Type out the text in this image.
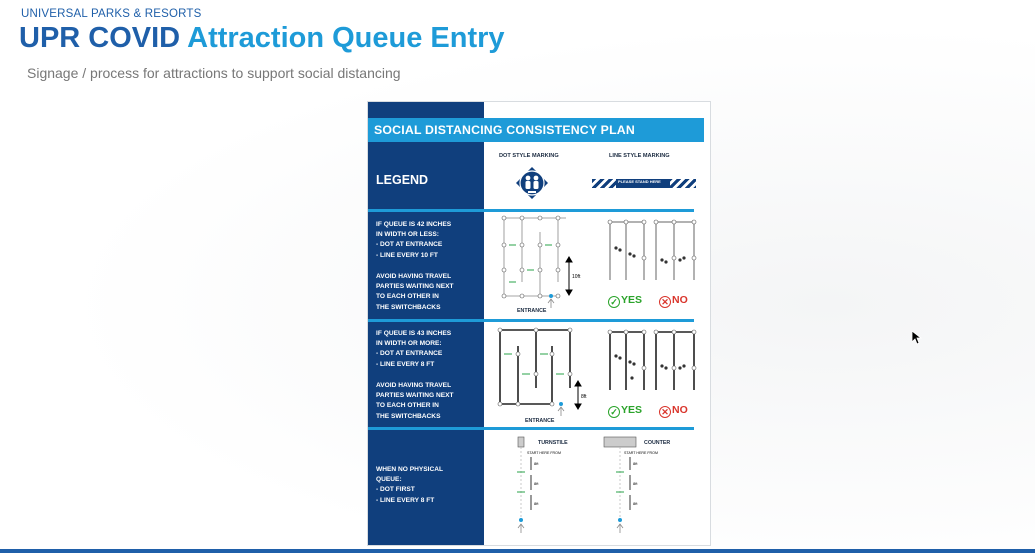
UNIVERSAL PARKS & RESORTS
UPR COVID Attraction Queue Entry
Signage / process for attractions to support social distancing
SOCIAL DISTANCING CONSISTENCY PLAN
DOT STYLE MARKING	LINE STYLE MARKING
LEGEND	PLEASE STAND HERE
IF QUEUE IS 42 INCHES
IN WIDTH OR LESS:
- DOT AT ENTRANCE
- LINE EVERY 10 FT
AVOID HAVING TRAVEL
PARTIES WAITING NEXT
TO EACH OTHER IN
THE SWITCHBACKS
10ft
ENTRANCE
✓ YES ✕ NO
IF QUEUE IS 43 INCHES
IN WIDTH OR MORE:
- DOT AT ENTRANCE
- LINE EVERY 8 FT
AVOID HAVING TRAVEL
PARTIES WAITING NEXT
TO EACH OTHER IN
THE SWITCHBACKS
8ft
ENTRANCE
✓ YES ✕ NO
WHEN NO PHYSICAL
QUEUE:
- DOT FIRST
- LINE EVERY 8 FT
TURNSTILE	COUNTER
START HERE FROM
8ft
8ft
8ft
START HERE FROM
8ft
8ft
8ft
